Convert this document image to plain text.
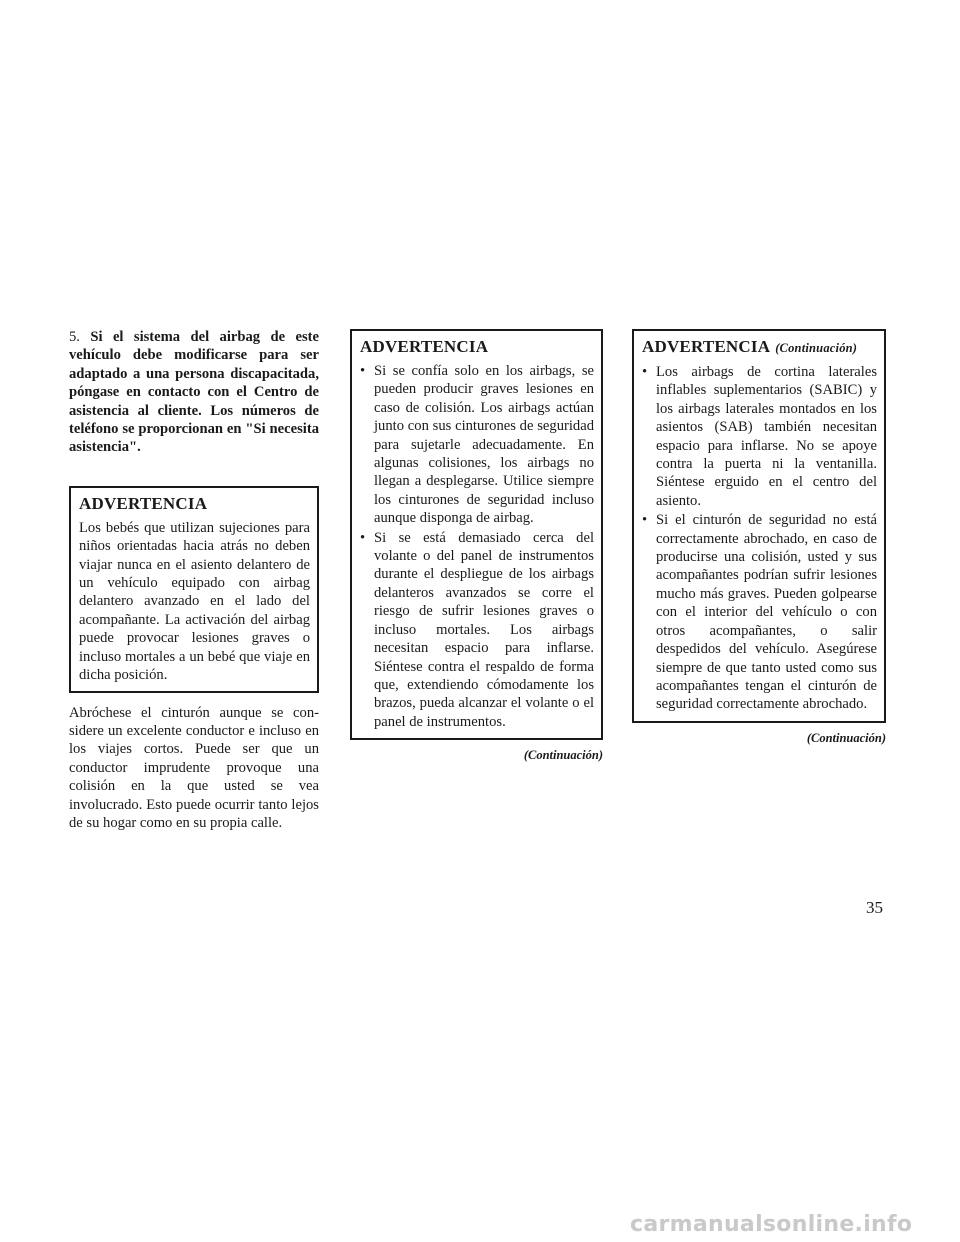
5. Si el sistema del airbag de este vehículo debe modificarse para ser adaptado a una persona discapacitada, póngase en contacto con el Centro de asistencia al cliente. Los números de teléfono se proporcionan en "Si necesita asistencia".
ADVERTENCIA
Los bebés que utilizan sujeciones para niños orientadas hacia atrás no deben viajar nunca en el asiento delantero de un vehículo equipado con airbag delantero avanzado en el lado del acompañante. La activación del airbag puede provocar lesiones graves o incluso mortales a un bebé que viaje en dicha posición.
Abróchese el cinturón aunque se considere un excelente conductor e incluso en los viajes cortos. Puede ser que un conductor imprudente provoque una colisión en la que usted se vea involucrado. Esto puede ocurrir tanto lejos de su hogar como en su propia calle.
ADVERTENCIA
• Si se confía solo en los airbags, se pueden producir graves lesiones en caso de colisión. Los airbags actúan junto con sus cinturones de seguridad para sujetarle adecuadamente. En algunas colisiones, los airbags no llegan a desplegarse. Utilice siempre los cinturones de seguridad incluso aunque disponga de airbag.
• Si se está demasiado cerca del volante o del panel de instrumentos durante el despliegue de los airbags delanteros avanzados se corre el riesgo de sufrir lesiones graves o incluso mortales. Los airbags necesitan espacio para inflarse. Siéntese contra el respaldo de forma que, extendiendo cómodamente los brazos, pueda alcanzar el volante o el panel de instrumentos.
(Continuación)
ADVERTENCIA (Continuación)
• Los airbags de cortina laterales inflables suplementarios (SABIC) y los airbags laterales montados en los asientos (SAB) también necesitan espacio para inflarse. No se apoye contra la puerta ni la ventanilla. Siéntese erguido en el centro del asiento.
• Si el cinturón de seguridad no está correctamente abrochado, en caso de producirse una colisión, usted y sus acompañantes podrían sufrir lesiones mucho más graves. Pueden golpearse con el interior del vehículo o con otros acompañantes, o salir despedidos del vehículo. Asegúrese siempre de que tanto usted como sus acompañantes tengan el cinturón de seguridad correctamente abrochado.
(Continuación)
35
carmanualsonline.info
